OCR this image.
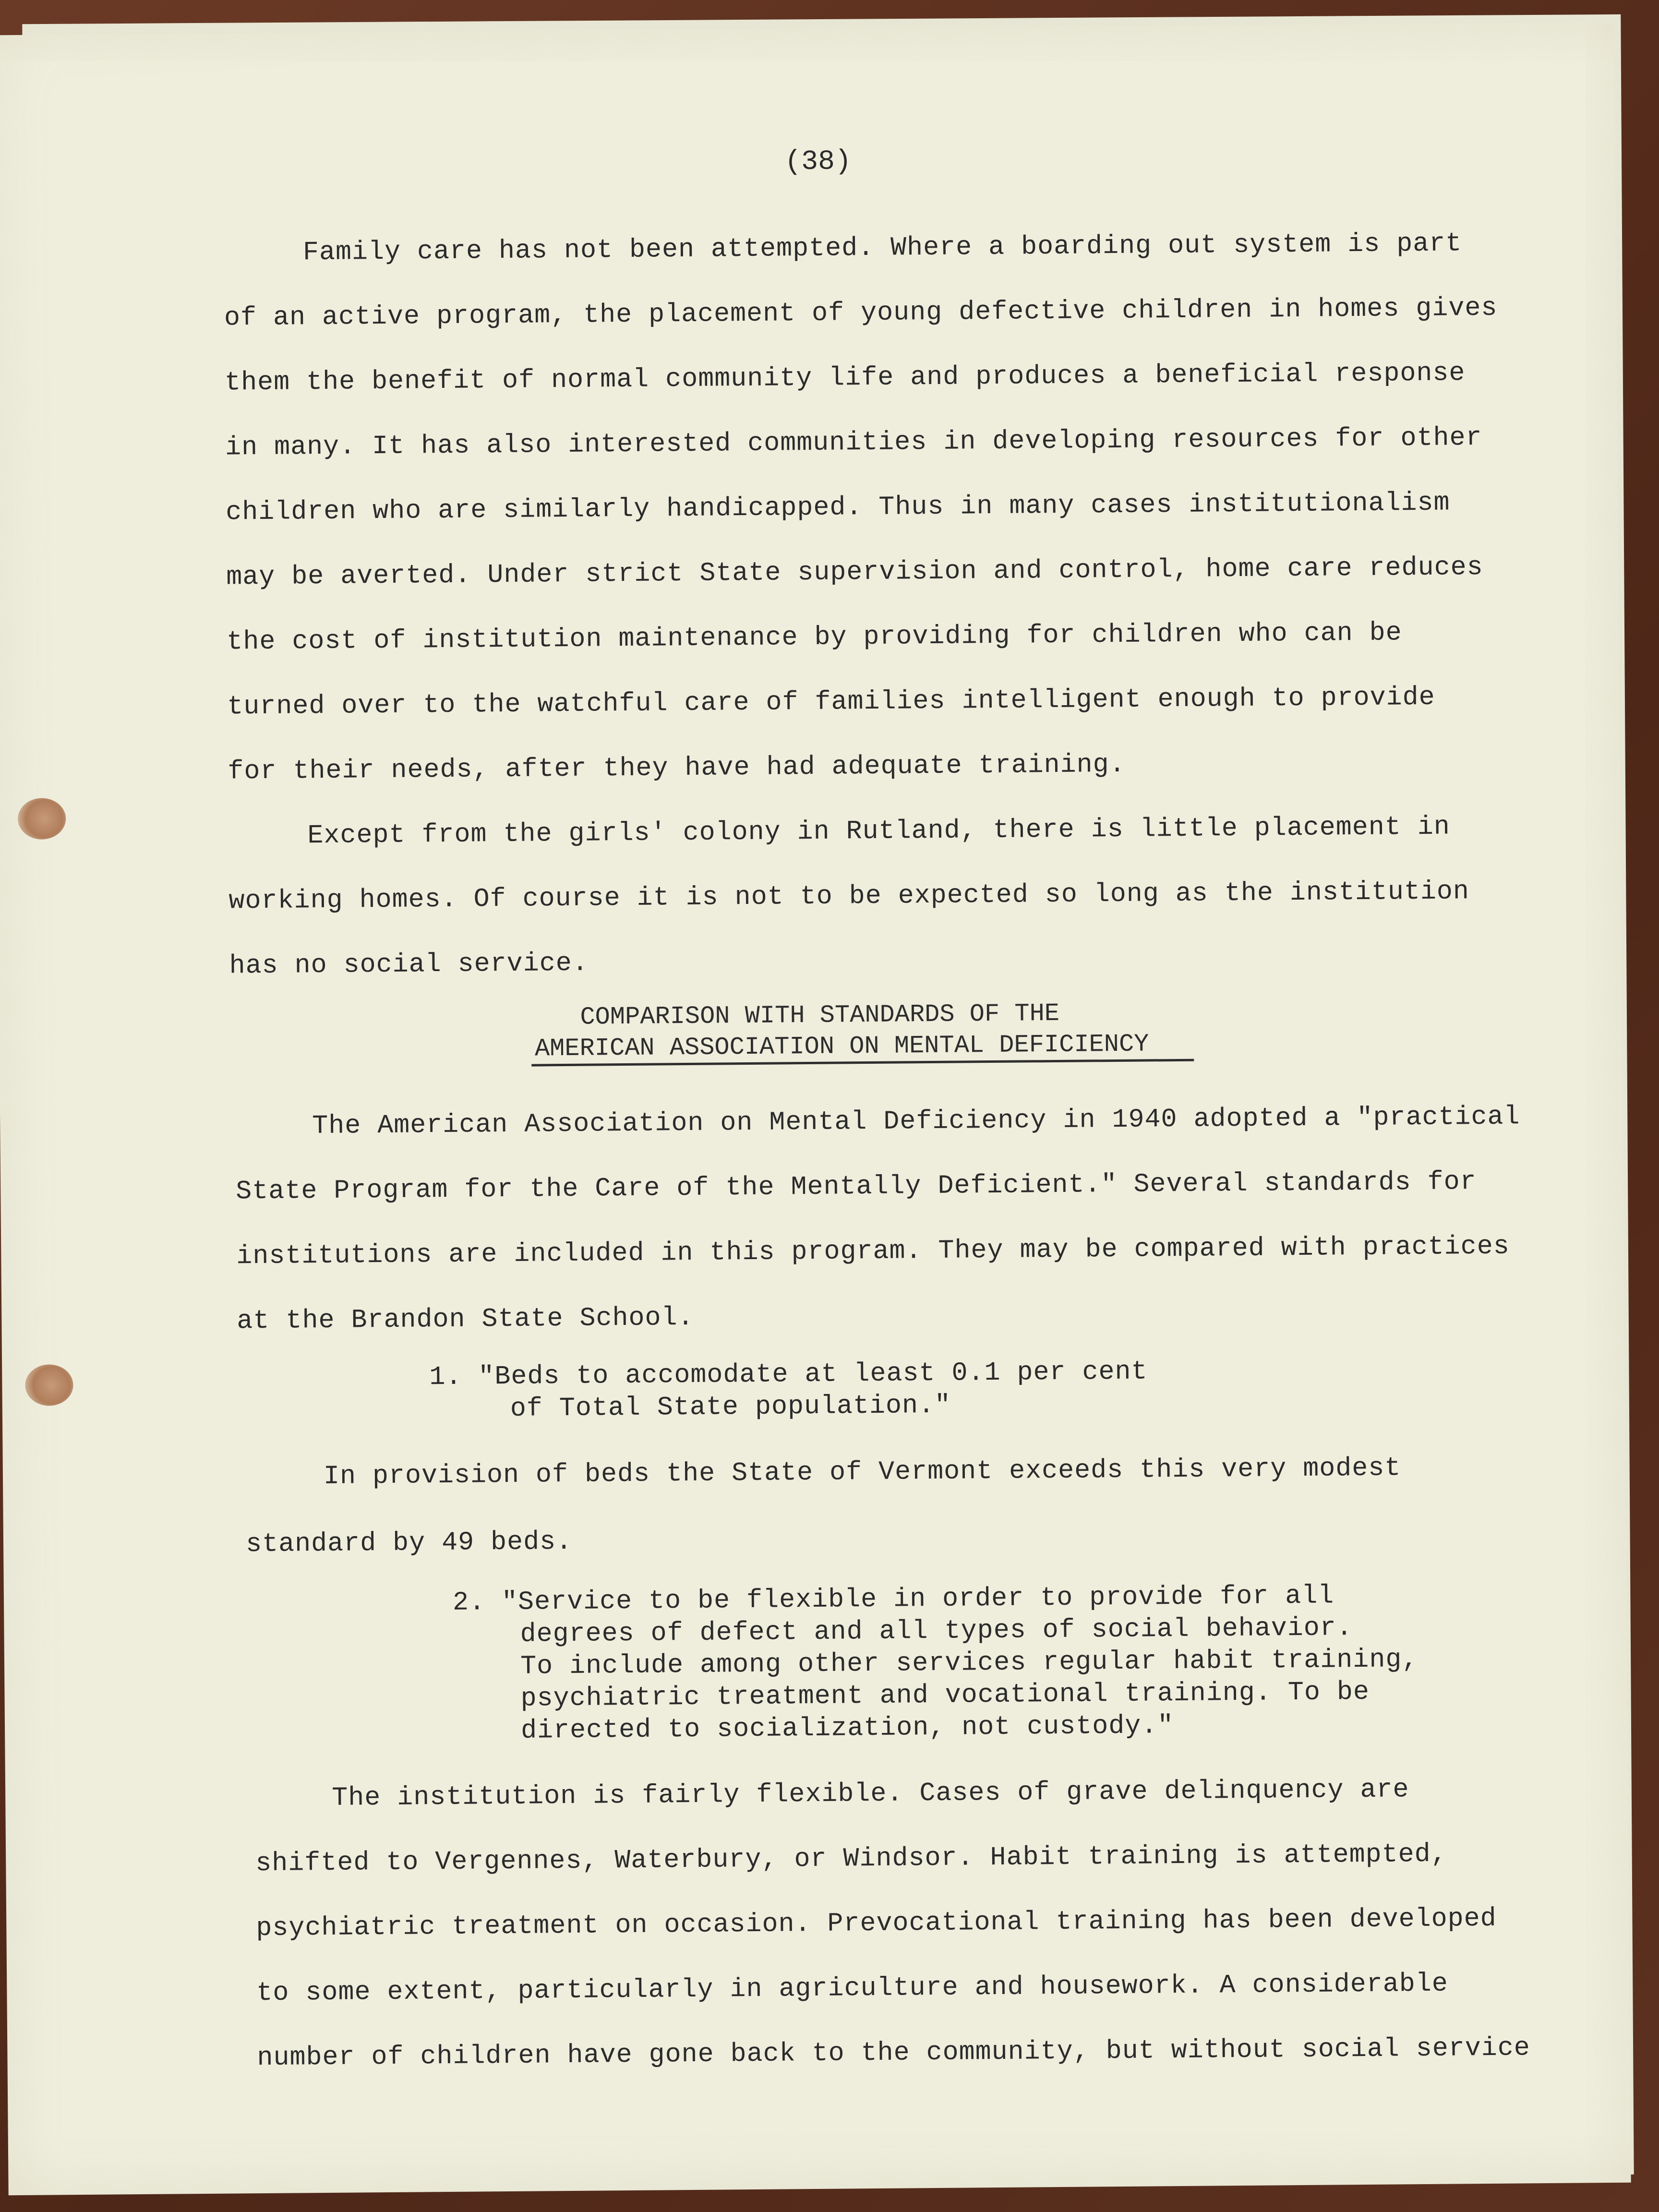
(38)
Family care has not been attempted. Where a boarding out system is part
of an active program, the placement of young defective children in homes gives
them the benefit of normal community life and produces a beneficial response
in many. It has also interested communities in developing resources for other
children who are similarly handicapped. Thus in many cases institutionalism
may be averted. Under strict State supervision and control, home care reduces
the cost of institution maintenance by providing for children who can be
turned over to the watchful care of families intelligent enough to provide
for their needs, after they have had adequate training.
Except from the girls' colony in Rutland, there is little placement in
working homes. Of course it is not to be expected so long as the institution
has no social service.
COMPARISON WITH STANDARDS OF THE
AMERICAN ASSOCIATION ON MENTAL DEFICIENCY
The American Association on Mental Deficiency in 1940 adopted a "practical
State Program for the Care of the Mentally Deficient." Several standards for
institutions are included in this program. They may be compared with practices
at the Brandon State School.
1. "Beds to accomodate at least 0.1 per cent
of Total State population."
In provision of beds the State of Vermont exceeds this very modest
standard by 49 beds.
2. "Service to be flexible in order to provide for all
degrees of defect and all types of social behavior.
To include among other services regular habit training,
psychiatric treatment and vocational training. To be
directed to socialization, not custody."
The institution is fairly flexible. Cases of grave delinquency are
shifted to Vergennes, Waterbury, or Windsor. Habit training is attempted,
psychiatric treatment on occasion. Prevocational training has been developed
to some extent, particularly in agriculture and housework. A considerable
number of children have gone back to the community, but without social service
